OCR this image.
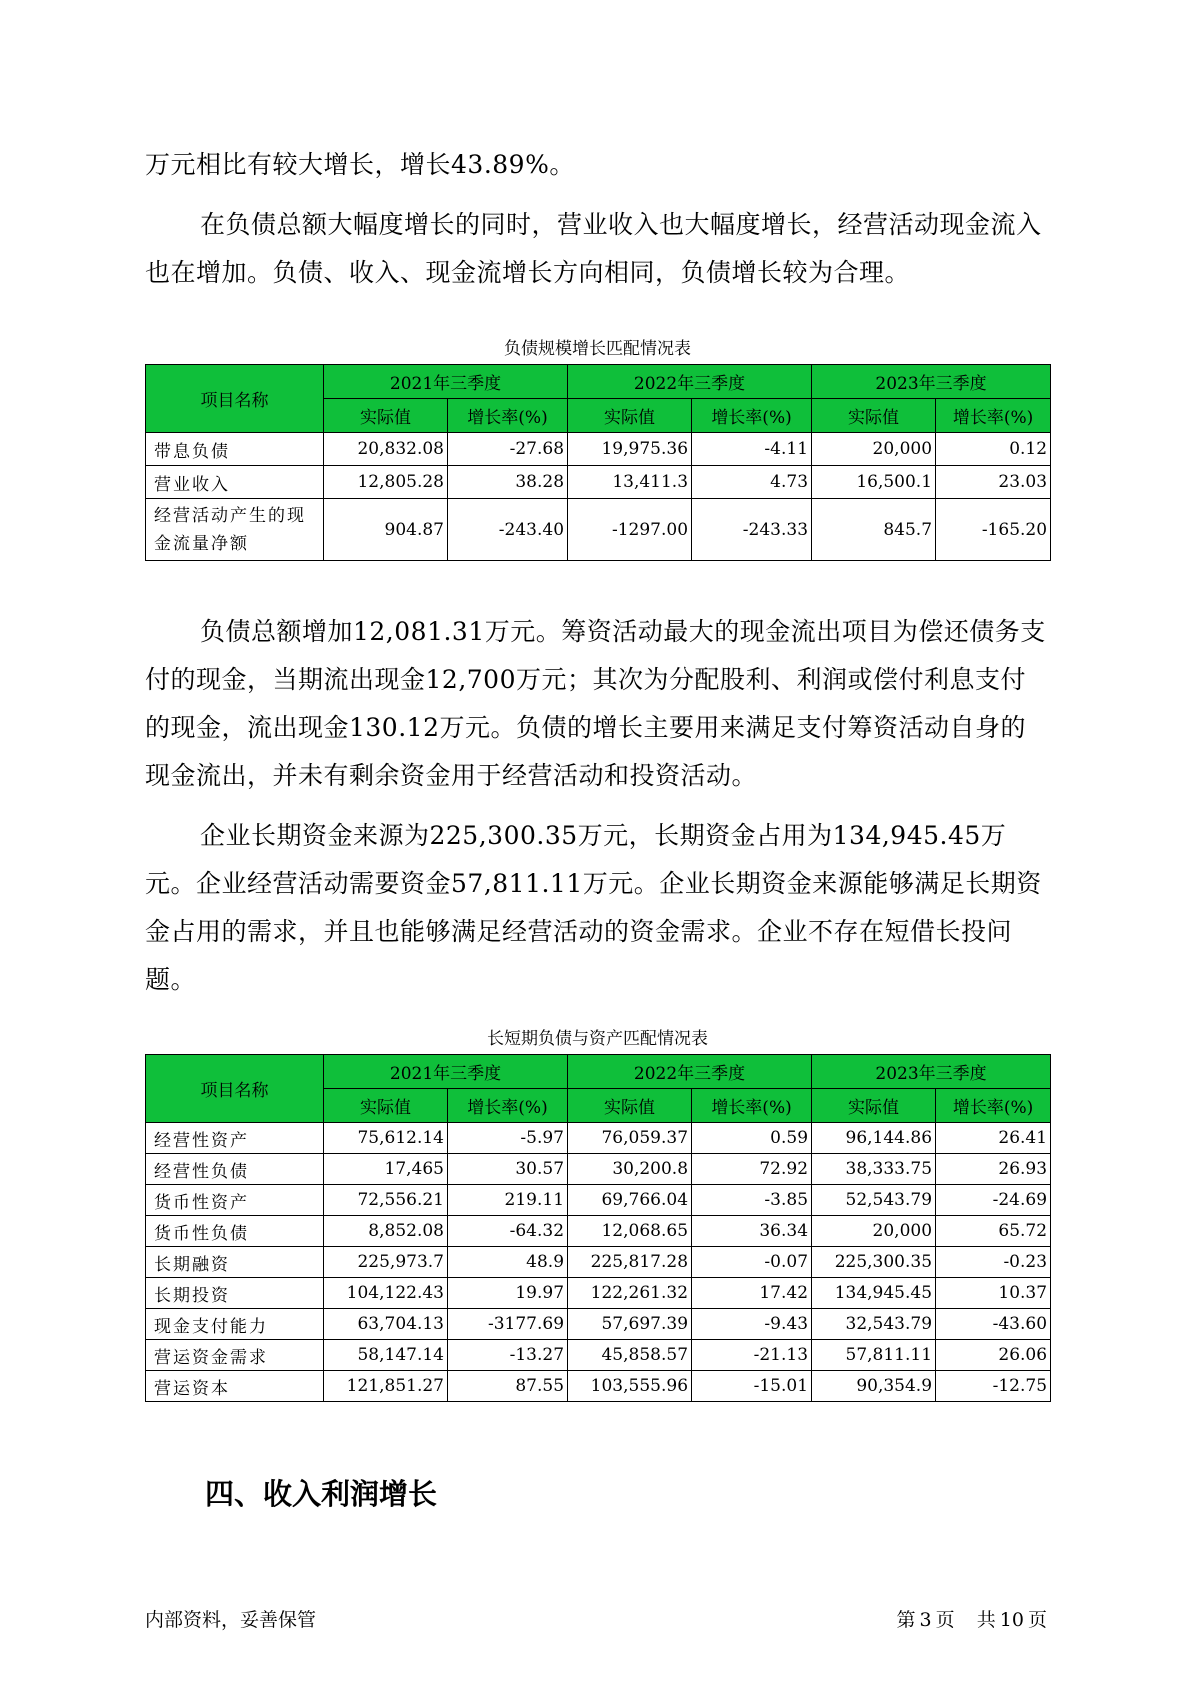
万元相比有较大增长，增长43.89%。

在负债总额大幅度增长的同时，营业收入也大幅度增长，经营活动现金流入也在增加。负债、收入、现金流增长方向相同，负债增长较为合理。

负债规模增长匹配情况表
项目名称	2021年三季度		2022年三季度		2023年三季度	
	实际值	增长率(%)	实际值	增长率(%)	实际值	增长率(%)
带息负债	20,832.08	-27.68	19,975.36	-4.11	20,000	0.12
营业收入	12,805.28	38.28	13,411.3	4.73	16,500.1	23.03
经营活动产生的现金流量净额	904.87	-243.40	-1297.00	-243.33	845.7	-165.20

负债总额增加12,081.31万元。筹资活动最大的现金流出项目为偿还债务支付的现金，当期流出现金12,700万元；其次为分配股利、利润或偿付利息支付的现金，流出现金130.12万元。负债的增长主要用来满足支付筹资活动自身的现金流出，并未有剩余资金用于经营活动和投资活动。

企业长期资金来源为225,300.35万元，长期资金占用为134,945.45万元。企业经营活动需要资金57,811.11万元。企业长期资金来源能够满足长期资金占用的需求，并且也能够满足经营活动的资金需求。企业不存在短借长投问题。

长短期负债与资产匹配情况表
项目名称	2021年三季度		2022年三季度		2023年三季度	
	实际值	增长率(%)	实际值	增长率(%)	实际值	增长率(%)
经营性资产	75,612.14	-5.97	76,059.37	0.59	96,144.86	26.41
经营性负债	17,465	30.57	30,200.8	72.92	38,333.75	26.93
货币性资产	72,556.21	219.11	69,766.04	-3.85	52,543.79	-24.69
货币性负债	8,852.08	-64.32	12,068.65	36.34	20,000	65.72
长期融资	225,973.7	48.9	225,817.28	-0.07	225,300.35	-0.23
长期投资	104,122.43	19.97	122,261.32	17.42	134,945.45	10.37
现金支付能力	63,704.13	-3177.69	57,697.39	-9.43	32,543.79	-43.60
营运资金需求	58,147.14	-13.27	45,858.57	-21.13	57,811.11	26.06
营运资本	121,851.27	87.55	103,555.96	-15.01	90,354.9	-12.75
四、收入利润增长
内部资料，妥善保管	第 3 页 共 10 页
